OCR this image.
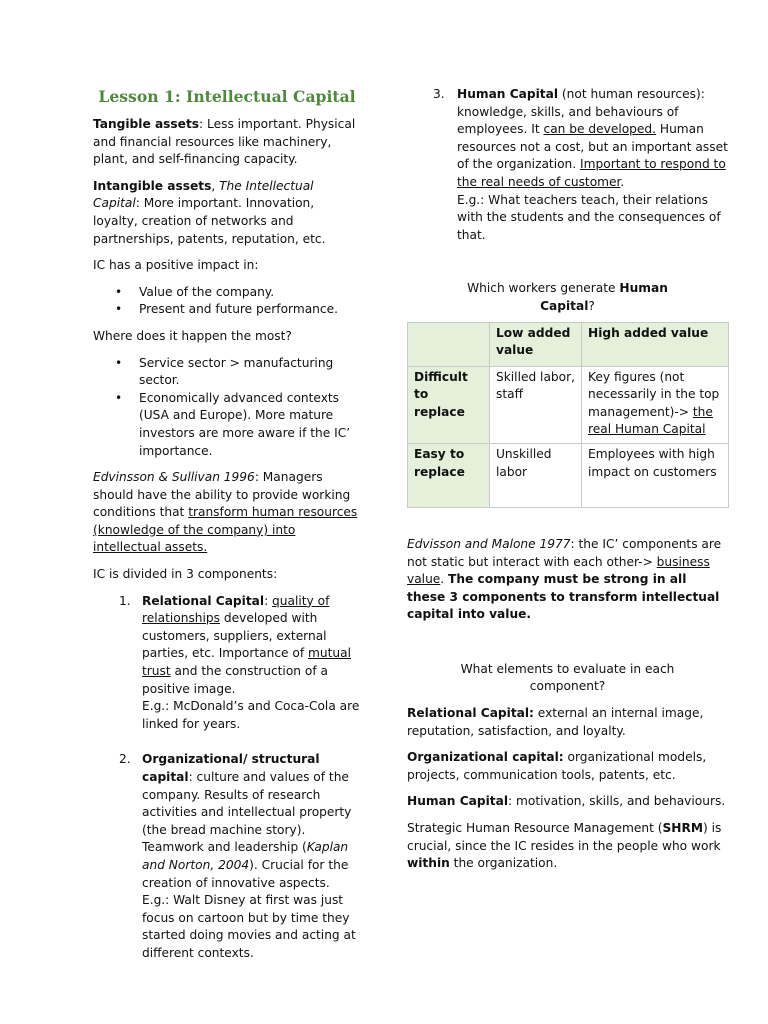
Lesson 1: Intellectual Capital

Tangible assets: Less important. Physical and financial resources like machinery, plant, and self-financing capacity.

Intangible assets, The Intellectual Capital: More important. Innovation, loyalty, creation of networks and partnerships, patents, reputation, etc.

IC has a positive impact in:

• Value of the company.
• Present and future performance.

Where does it happen the most?

• Service sector > manufacturing sector.
• Economically advanced contexts (USA and Europe). More mature investors are more aware if the IC’ importance.

Edvinsson & Sullivan 1996: Managers should have the ability to provide working conditions that transform human resources (knowledge of the company) into intellectual assets.

IC is divided in 3 components:

1. Relational Capital: quality of relationships developed with customers, suppliers, external parties, etc. Importance of mutual trust and the construction of a positive image.

E.g.: McDonald’s and Coca-Cola are linked for years.

2. Organizational/ structural capital: culture and values of the company. Results of research activities and intellectual property (the bread machine story). Teamwork and leadership (Kaplan and Norton, 2004). Crucial for the creation of innovative aspects.

E.g.: Walt Disney at first was just focus on cartoon but by time they started doing movies and acting at different contexts.

3. Human Capital (not human resources): knowledge, skills, and behaviours of employees. It can be developed. Human resources not a cost, but an important asset of the organization. Important to respond to the real needs of customer.

E.g.: What teachers teach, their relations with the students and the consequences of that.

Which workers generate Human Capital?

	Low added value	High added value
Difficult to replace	Skilled labor, staff	Key figures (not necessarily in the top management)-> the real Human Capital
Easy to replace	Unskilled labor	Employees with high impact on customers

Edvisson and Malone 1977: the IC’ components are not static but interact with each other-> business value. The company must be strong in all these 3 components to transform intellectual capital into value.

What elements to evaluate in each component?

Relational Capital: external an internal image, reputation, satisfaction, and loyalty.

Organizational capital: organizational models, projects, communication tools, patents, etc.

Human Capital: motivation, skills, and behaviours.

Strategic Human Resource Management (SHRM) is crucial, since the IC resides in the people who work within the organization.
